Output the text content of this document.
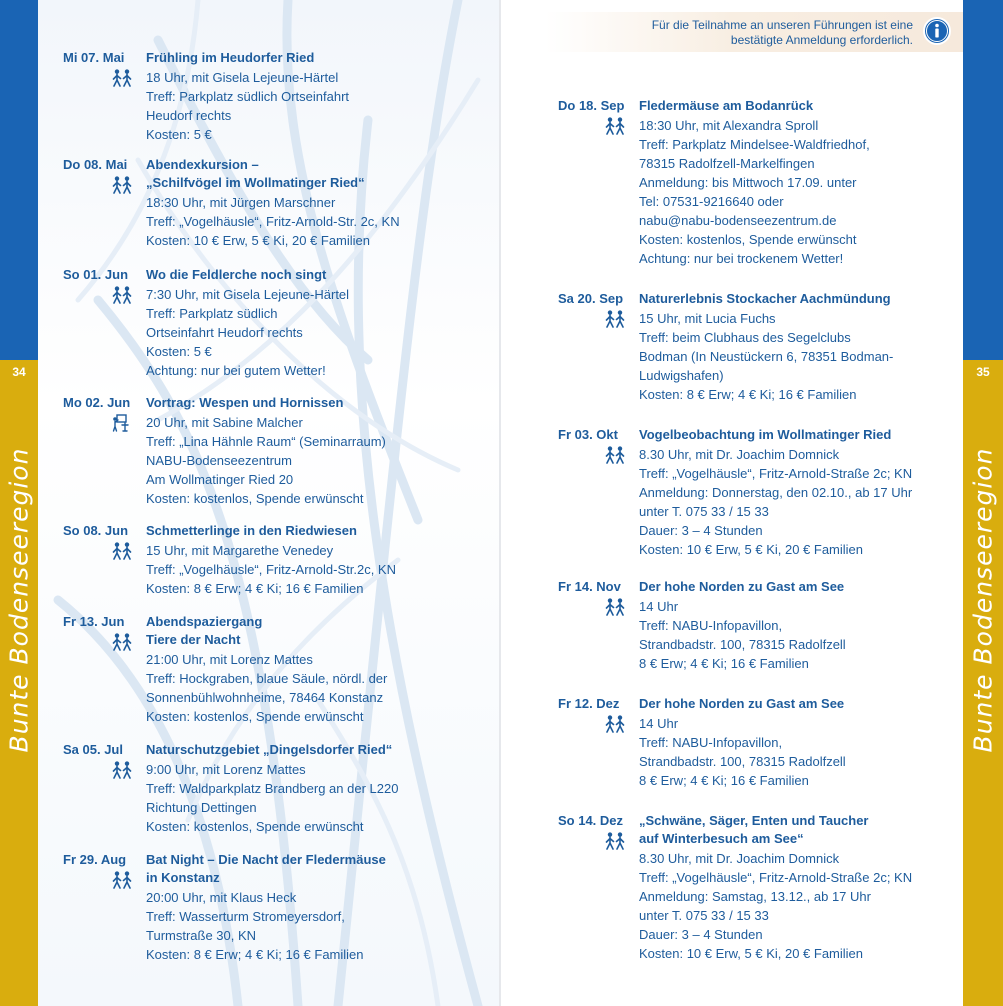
34
Bunte Bodenseeregion
Mi 07. Mai Frühling im Heudorfer Ried
18 Uhr, mit Gisela Lejeune-Härtel
Treff: Parkplatz südlich Ortseinfahrt
Heudorf rechts
Kosten: 5 €
Do 08. Mai Abendexkursion –
„Schilfvögel im Wollmatinger Ried“
18:30 Uhr, mit Jürgen Marschner
Treff: „Vogelhäusle“, Fritz-Arnold-Str. 2c, KN
Kosten: 10 € Erw, 5 € Ki, 20 € Familien
So 01. Jun Wo die Feldlerche noch singt
7:30 Uhr, mit Gisela Lejeune-Härtel
Treff: Parkplatz südlich
Ortseinfahrt Heudorf rechts
Kosten: 5 €
Achtung: nur bei gutem Wetter!
Mo 02. Jun Vortrag: Wespen und Hornissen
20 Uhr, mit Sabine Malcher
Treff: „Lina Hähnle Raum“ (Seminarraum)
NABU-Bodenseezentrum
Am Wollmatinger Ried 20
Kosten: kostenlos, Spende erwünscht
So 08. Jun Schmetterlinge in den Riedwiesen
15 Uhr, mit Margarethe Venedey
Treff: „Vogelhäusle“, Fritz-Arnold-Str.2c, KN
Kosten: 8 € Erw; 4 € Ki; 16 € Familien
Fr 13. Jun Abendspaziergang
Tiere der Nacht
21:00 Uhr, mit Lorenz Mattes
Treff: Hockgraben, blaue Säule, nördl. der
Sonnenbühlwohnheime, 78464 Konstanz
Kosten: kostenlos, Spende erwünscht
Sa 05. Jul Naturschutzgebiet „Dingelsdorfer Ried“
9:00 Uhr, mit Lorenz Mattes
Treff: Waldparkplatz Brandberg an der L220
Richtung Dettingen
Kosten: kostenlos, Spende erwünscht
Fr 29. Aug Bat Night – Die Nacht der Fledermäuse
in Konstanz
20:00 Uhr, mit Klaus Heck
Treff: Wasserturm Stromeyersdorf,
Turmstraße 30, KN
Kosten: 8 € Erw; 4 € Ki; 16 € Familien
Do 18. Sep Fledermäuse am Bodanrück
18:30 Uhr, mit Alexandra Sproll
Treff: Parkplatz Mindelsee-Waldfriedhof,
78315 Radolfzell-Markelfingen
Anmeldung: bis Mittwoch 17.09. unter
Tel: 07531-9216640 oder
nabu@nabu-bodenseezentrum.de
Kosten: kostenlos, Spende erwünscht
Achtung: nur bei trockenem Wetter!
Sa 20. Sep Naturerlebnis Stockacher Aachmündung
15 Uhr, mit Lucia Fuchs
Treff: beim Clubhaus des Segelclubs
Bodman (In Neustückern 6, 78351 Bodman-
Ludwigshafen)
Kosten: 8 € Erw; 4 € Ki; 16 € Familien
Fr 03. Okt Vogelbeobachtung im Wollmatinger Ried
8.30 Uhr, mit Dr. Joachim Domnick
Treff: „Vogelhäusle“, Fritz-Arnold-Straße 2c; KN
Anmeldung: Donnerstag, den 02.10., ab 17 Uhr
unter T. 075 33 / 15 33
Dauer: 3 – 4 Stunden
Kosten: 10 € Erw, 5 € Ki, 20 € Familien
Fr 14. Nov Der hohe Norden zu Gast am See
14 Uhr
Treff: NABU-Infopavillon,
Strandbadstr. 100, 78315 Radolfzell
8 € Erw; 4 € Ki; 16 € Familien
Fr 12. Dez Der hohe Norden zu Gast am See
14 Uhr
Treff: NABU-Infopavillon,
Strandbadstr. 100, 78315 Radolfzell
8 € Erw; 4 € Ki; 16 € Familien
So 14. Dez „Schwäne, Säger, Enten und Taucher
auf Winterbesuch am See“
8.30 Uhr, mit Dr. Joachim Domnick
Treff: „Vogelhäusle“, Fritz-Arnold-Straße 2c; KN
Anmeldung: Samstag, 13.12., ab 17 Uhr
unter T. 075 33 / 15 33
Dauer: 3 – 4 Stunden
Kosten: 10 € Erw, 5 € Ki, 20 € Familien
Für die Teilnahme an unseren Führungen ist eine
bestätigte Anmeldung erforderlich.
35
Bunte Bodenseeregion
